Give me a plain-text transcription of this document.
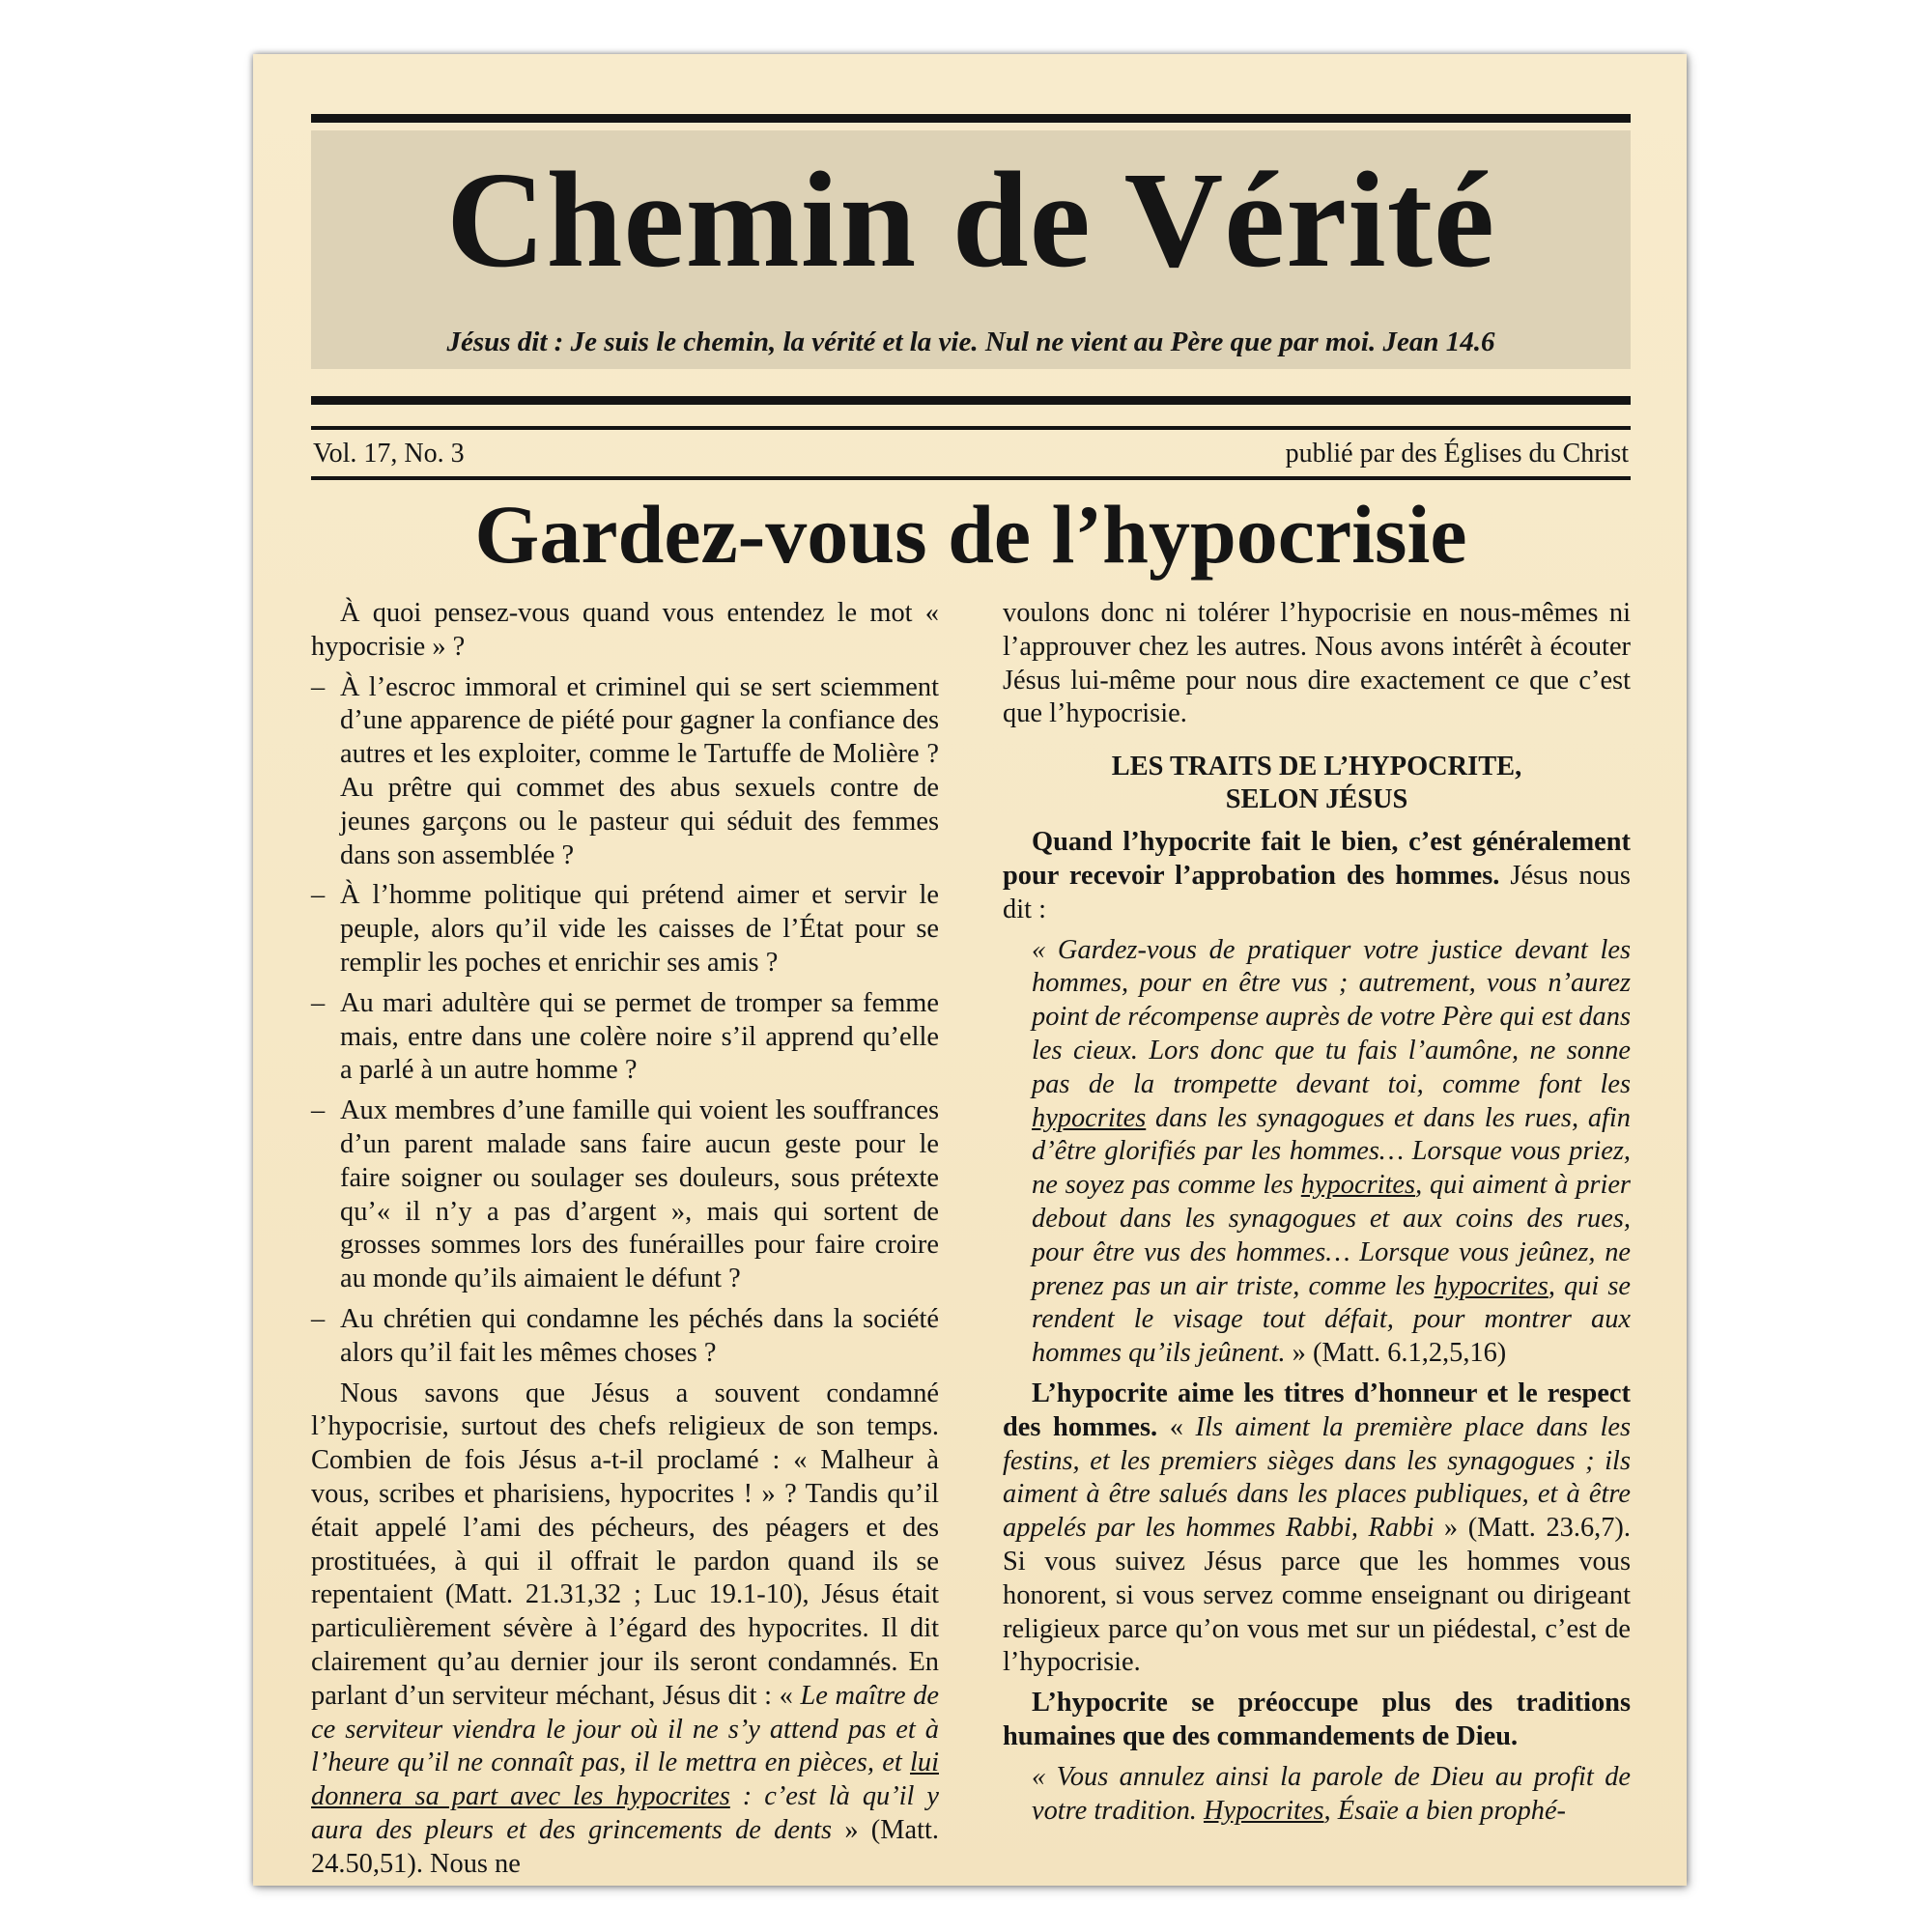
Chemin de Vérité
Jésus dit : Je suis le chemin, la vérité et la vie. Nul ne vient au Père que par moi. Jean 14.6
Vol. 17, No. 3	publié par des Églises du Christ
Gardez-vous de l’hypocrisie

À quoi pensez-vous quand vous entendez le mot « hypocrisie » ?

– À l’escroc immoral et criminel qui se sert sciemment d’une apparence de piété pour gagner la confiance des autres et les exploiter, comme le Tartuffe de Molière ? Au prêtre qui commet des abus sexuels contre de jeunes garçons ou le pasteur qui séduit des femmes dans son assemblée ?
– À l’homme politique qui prétend aimer et servir le peuple, alors qu’il vide les caisses de l’État pour se remplir les poches et enrichir ses amis ?
– Au mari adultère qui se permet de tromper sa femme mais, entre dans une colère noire s’il apprend qu’elle a parlé à un autre homme ?
– Aux membres d’une famille qui voient les souffrances d’un parent malade sans faire aucun geste pour le faire soigner ou soulager ses douleurs, sous prétexte qu’« il n’y a pas d’argent », mais qui sortent de grosses sommes lors des funérailles pour faire croire au monde qu’ils aimaient le défunt ?
– Au chrétien qui condamne les péchés dans la société alors qu’il fait les mêmes choses ?

Nous savons que Jésus a souvent condamné l’hypocrisie, surtout des chefs religieux de son temps. Combien de fois Jésus a-t-il proclamé : « Malheur à vous, scribes et pharisiens, hypocrites ! » ? Tandis qu’il était appelé l’ami des pécheurs, des péagers et des prostituées, à qui il offrait le pardon quand ils se repentaient (Matt. 21.31,32 ; Luc 19.1-10), Jésus était particulièrement sévère à l’égard des hypocrites. Il dit clairement qu’au dernier jour ils seront condamnés. En parlant d’un serviteur méchant, Jésus dit : « Le maître de ce serviteur viendra le jour où il ne s’y attend pas et à l’heure qu’il ne connaît pas, il le mettra en pièces, et lui donnera sa part avec les hypocrites : c’est là qu’il y aura des pleurs et des grincements de dents » (Matt. 24.50,51). Nous ne

voulons donc ni tolérer l’hypocrisie en nous-mêmes ni l’approuver chez les autres. Nous avons intérêt à écouter Jésus lui-même pour nous dire exactement ce que c’est que l’hypocrisie.

LES TRAITS DE L’HYPOCRITE,
SELON JÉSUS

Quand l’hypocrite fait le bien, c’est généralement pour recevoir l’approbation des hommes. Jésus nous dit :

« Gardez-vous de pratiquer votre justice devant les hommes, pour en être vus ; autrement, vous n’aurez point de récompense auprès de votre Père qui est dans les cieux. Lors donc que tu fais l’aumône, ne sonne pas de la trompette devant toi, comme font les hypocrites dans les synagogues et dans les rues, afin d’être glorifiés par les hommes… Lorsque vous priez, ne soyez pas comme les hypocrites, qui aiment à prier debout dans les synagogues et aux coins des rues, pour être vus des hommes… Lorsque vous jeûnez, ne prenez pas un air triste, comme les hypocrites, qui se rendent le visage tout défait, pour montrer aux hommes qu’ils jeûnent. » (Matt. 6.1,2,5,16)

L’hypocrite aime les titres d’honneur et le respect des hommes. « Ils aiment la première place dans les festins, et les premiers sièges dans les synagogues ; ils aiment à être salués dans les places publiques, et à être appelés par les hommes Rabbi, Rabbi » (Matt. 23.6,7). Si vous suivez Jésus parce que les hommes vous honorent, si vous servez comme enseignant ou dirigeant religieux parce qu’on vous met sur un piédestal, c’est de l’hypocrisie.

L’hypocrite se préoccupe plus des traditions humaines que des commandements de Dieu.

« Vous annulez ainsi la parole de Dieu au profit de votre tradition. Hypocrites, Ésaïe a bien prophé-
